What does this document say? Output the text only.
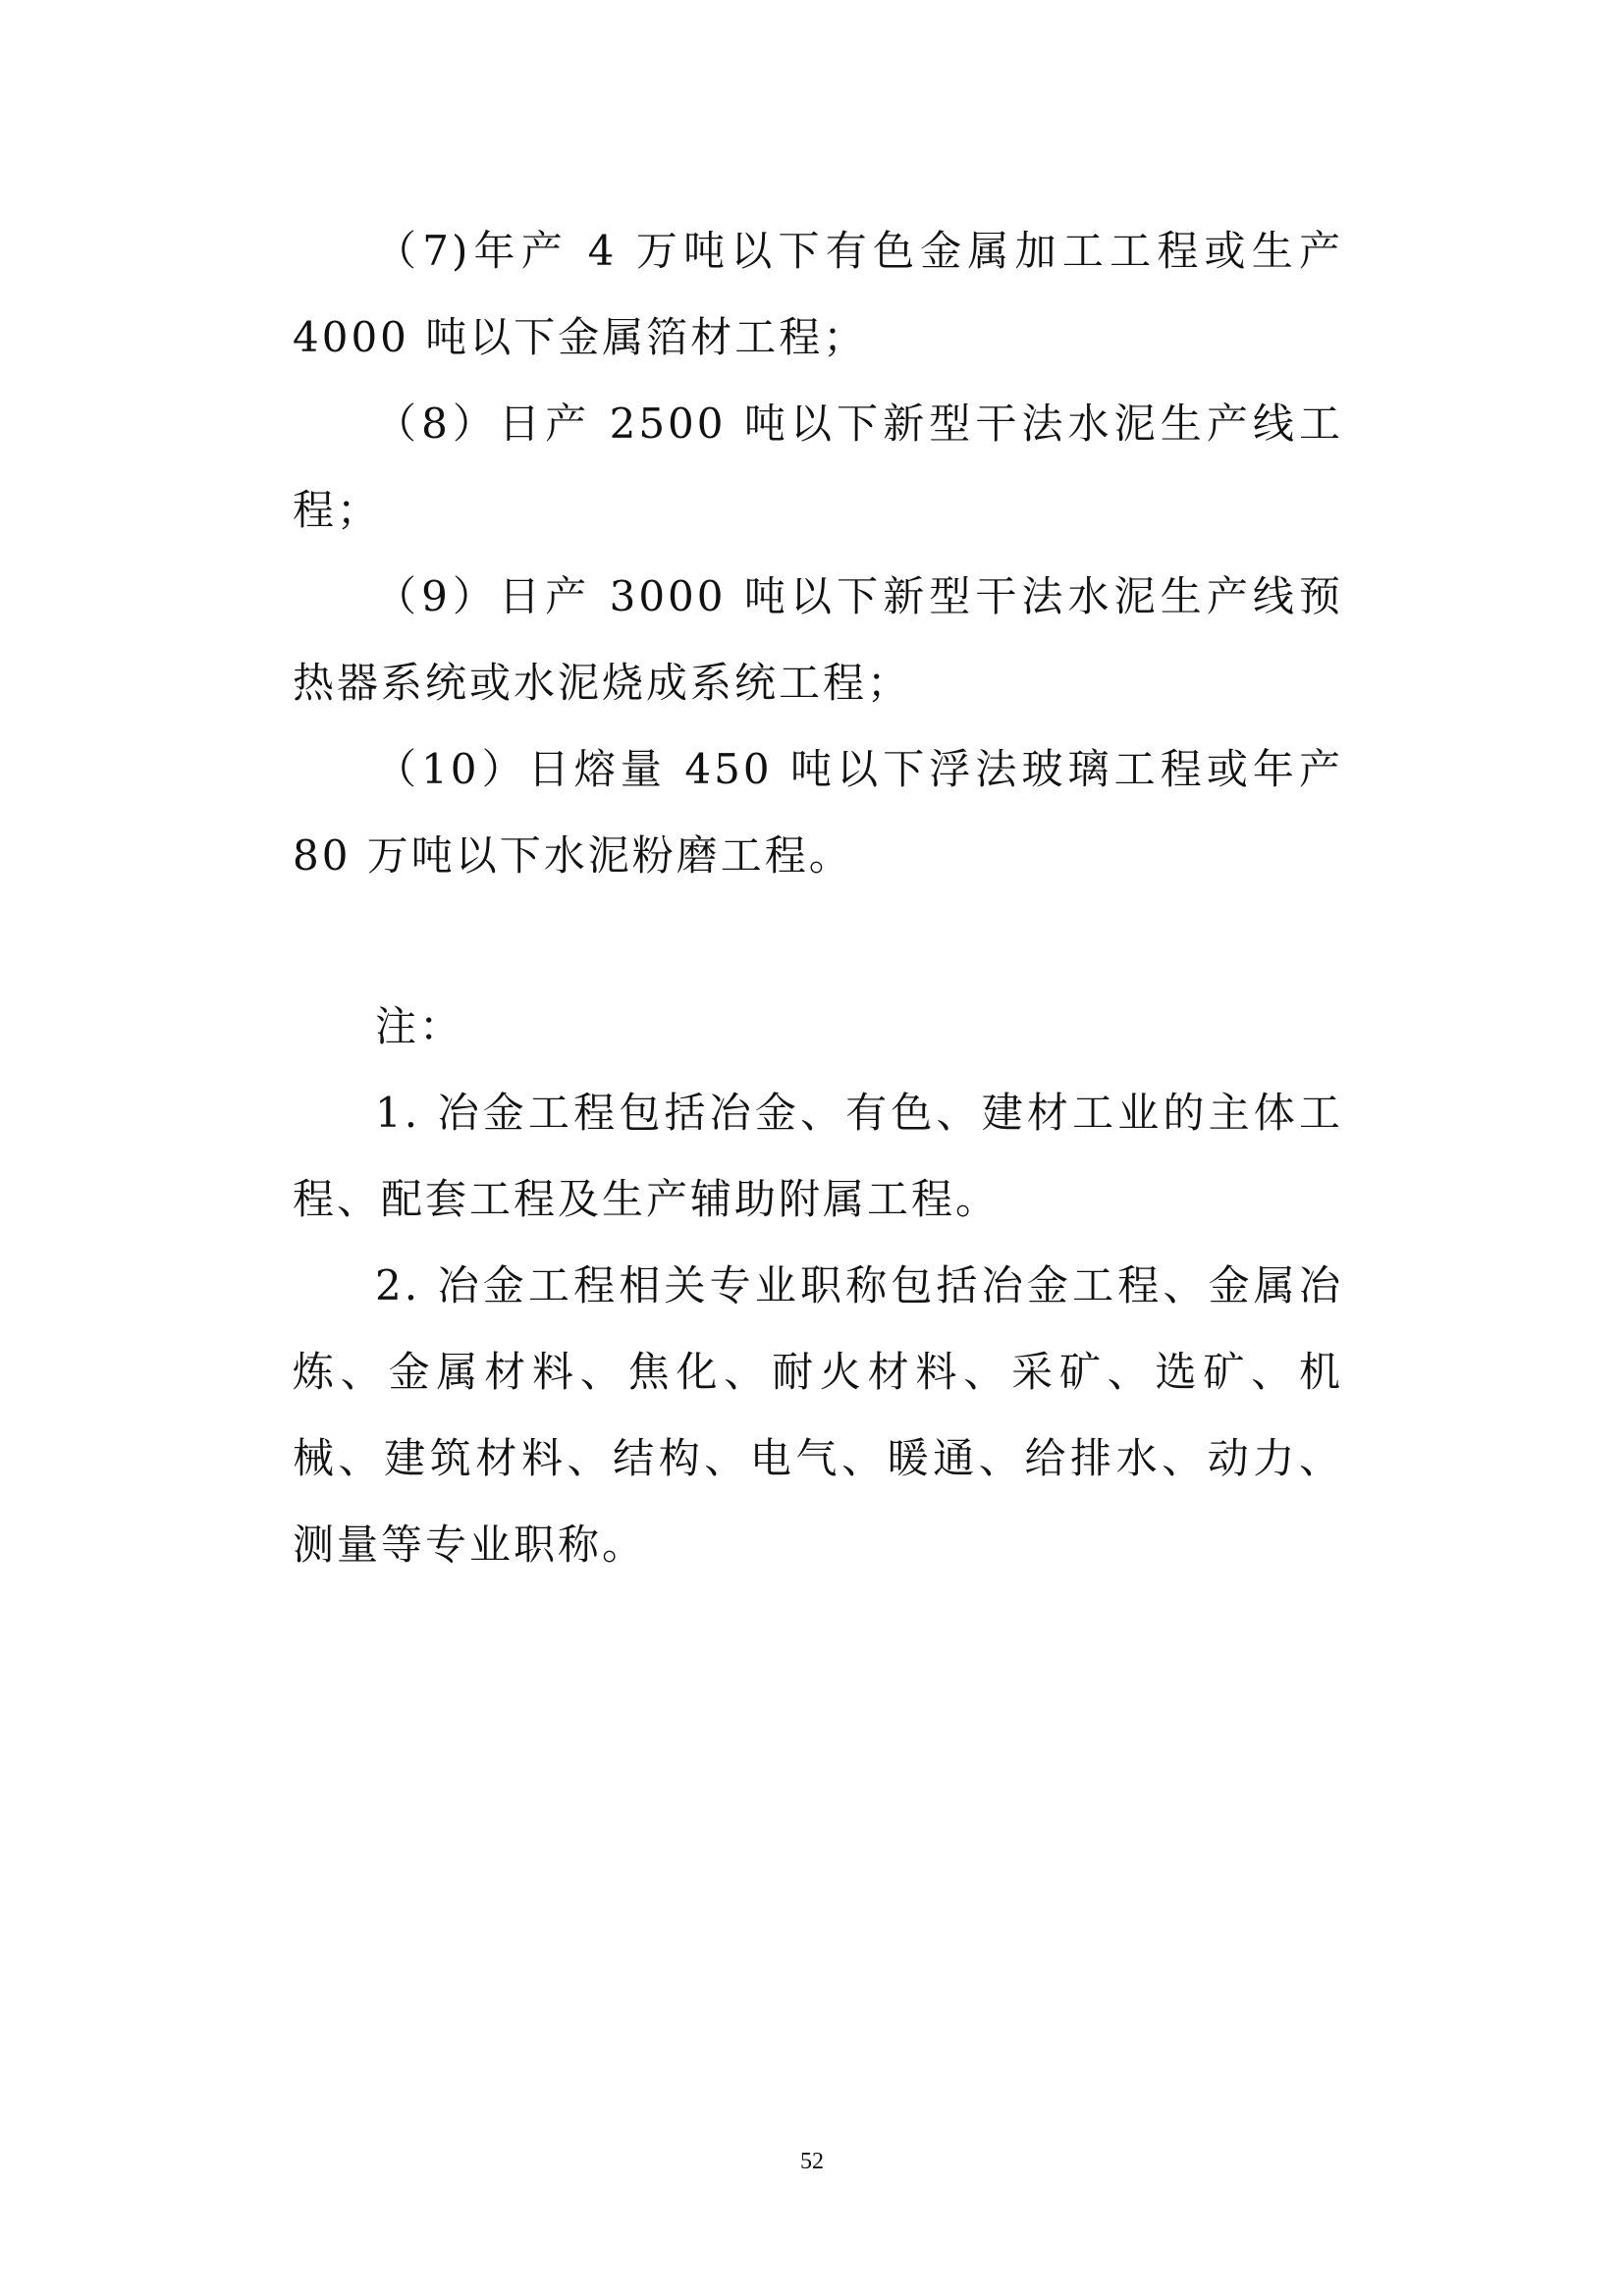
（7)年产 4 万吨以下有色金属加工工程或生产 4000 吨以下金属箔材工程；

（8）日产 2500 吨以下新型干法水泥生产线工程；

（9）日产 3000 吨以下新型干法水泥生产线预热器系统或水泥烧成系统工程；

（10）日熔量 450 吨以下浮法玻璃工程或年产 80 万吨以下水泥粉磨工程。

注：

1. 冶金工程包括冶金、有色、建材工业的主体工程、配套工程及生产辅助附属工程。

2. 冶金工程相关专业职称包括冶金工程、金属冶炼、金属材料、焦化、耐火材料、采矿、选矿、机械、建筑材料、结构、电气、暖通、给排水、动力、测量等专业职称。

52
